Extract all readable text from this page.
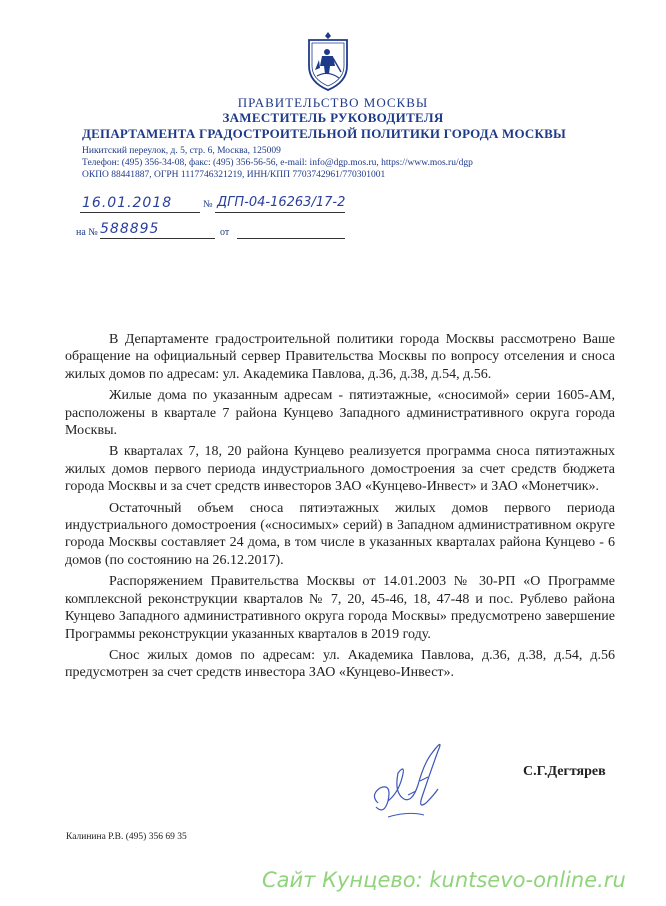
ПРАВИТЕЛЬСТВО МОСКВЫ
ЗАМЕСТИТЕЛЬ РУКОВОДИТЕЛЯ
ДЕПАРТАМЕНТА ГРАДОСТРОИТЕЛЬНОЙ ПОЛИТИКИ ГОРОДА МОСКВЫ
Никитский переулок, д. 5, стр. 6, Москва, 125009
Телефон: (495) 356-34-08, факс: (495) 356-56-56, e-mail: info@dgp.mos.ru, https://www.mos.ru/dgp
ОКПО 88441887, ОГРН 1117746321219, ИНН/КПП 7703742961/770301001
16.01.2018	№ ДГП-04-16263/17-2
на № 588895	от

В Департаменте градостроительной политики города Москвы рассмотрено Ваше обращение на официальный сервер Правительства Москвы по вопросу отселения и сноса жилых домов по адресам: ул. Академика Павлова, д.36, д.38, д.54, д.56.

Жилые дома по указанным адресам - пятиэтажные, «сносимой» серии 1605-АМ, расположены в квартале 7 района Кунцево Западного административного округа города Москвы.

В кварталах 7, 18, 20 района Кунцево реализуется программа сноса пятиэтажных жилых домов первого периода индустриального домостроения за счет средств бюджета города Москвы и за счет средств инвесторов ЗАО «Кунцево-Инвест» и ЗАО «Монетчик».

Остаточный объем сноса пятиэтажных жилых домов первого периода индустриального домостроения («сносимых» серий) в Западном административном округе города Москвы составляет 24 дома, в том числе в указанных кварталах района Кунцево - 6 домов (по состоянию на 26.12.2017).

Распоряжением Правительства Москвы от 14.01.2003 № 30-РП «О Программе комплексной реконструкции кварталов № 7, 20, 45-46, 18, 47-48 и пос. Рублево района Кунцево Западного административного округа города Москвы» предусмотрено завершение Программы реконструкции указанных кварталов в 2019 году.

Снос жилых домов по адресам: ул. Академика Павлова, д.36, д.38, д.54, д.56 предусмотрен за счет средств инвестора ЗАО «Кунцево-Инвест».

С.Г.Дегтярев
Калинина Р.В. (495) 356 69 35
Сайт Кунцево: kuntsevo-online.ru
